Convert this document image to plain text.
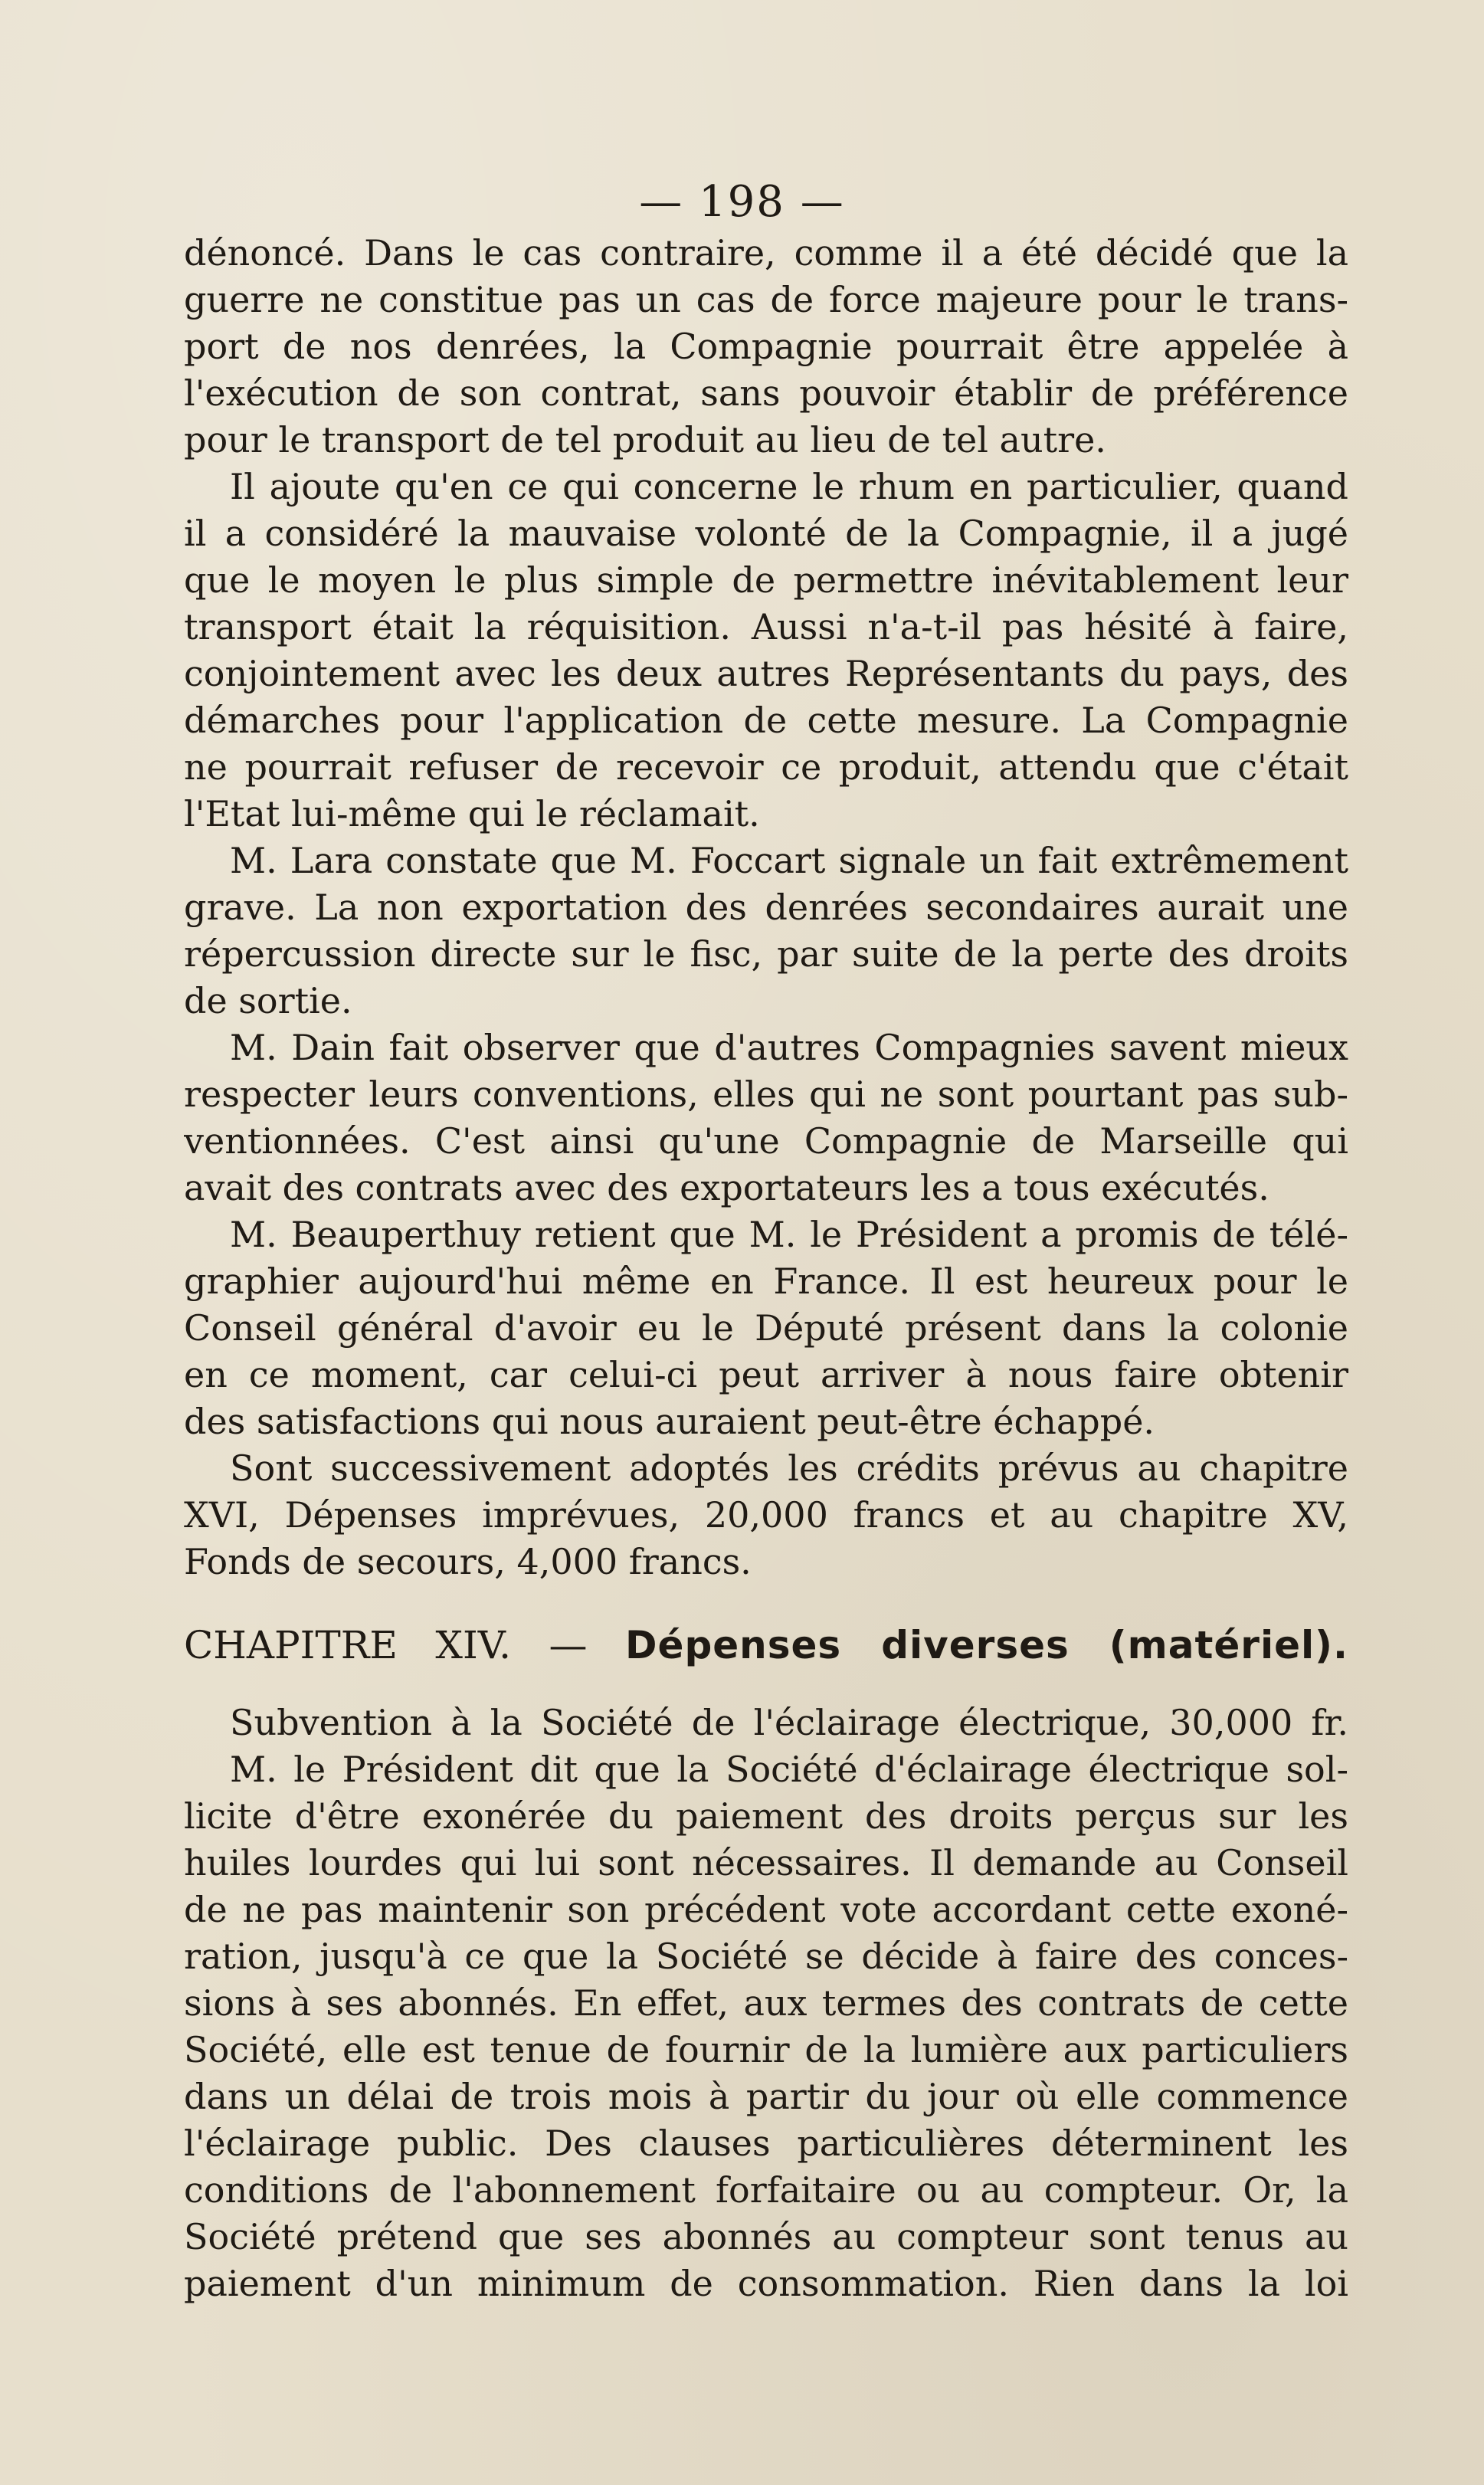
— 198 —
dénoncé. Dans le cas contraire, comme il a été décidé que la
guerre ne constitue pas un cas de force majeure pour le trans-
port de nos denrées, la Compagnie pourrait être appelée à
l'exécution de son contrat, sans pouvoir établir de préférence
pour le transport de tel produit au lieu de tel autre.
Il ajoute qu'en ce qui concerne le rhum en particulier, quand
il a considéré la mauvaise volonté de la Compagnie, il a jugé
que le moyen le plus simple de permettre inévitablement leur
transport était la réquisition. Aussi n'a-t-il pas hésité à faire,
conjointement avec les deux autres Représentants du pays, des
démarches pour l'application de cette mesure. La Compagnie
ne pourrait refuser de recevoir ce produit, attendu que c'était
l'Etat lui-même qui le réclamait.
M. Lara constate que M. Foccart signale un fait extrêmement
grave. La non exportation des denrées secondaires aurait une
répercussion directe sur le fisc, par suite de la perte des droits
de sortie.
M. Dain fait observer que d'autres Compagnies savent mieux
respecter leurs conventions, elles qui ne sont pourtant pas sub-
ventionnées. C'est ainsi qu'une Compagnie de Marseille qui
avait des contrats avec des exportateurs les a tous exécutés.
M. Beauperthuy retient que M. le Président a promis de télé-
graphier aujourd'hui même en France. Il est heureux pour le
Conseil général d'avoir eu le Député présent dans la colonie
en ce moment, car celui-ci peut arriver à nous faire obtenir
des satisfactions qui nous auraient peut-être échappé.
Sont successivement adoptés les crédits prévus au chapitre
XVI, Dépenses imprévues, 20,000 francs et au chapitre XV,
Fonds de secours, 4,000 francs.
CHAPITRE XIV. — Dépenses diverses (matériel).
Subvention à la Société de l'éclairage électrique, 30,000 fr.
M. le Président dit que la Société d'éclairage électrique sol-
licite d'être exonérée du paiement des droits perçus sur les
huiles lourdes qui lui sont nécessaires. Il demande au Conseil
de ne pas maintenir son précédent vote accordant cette exoné-
ration, jusqu'à ce que la Société se décide à faire des conces-
sions à ses abonnés. En effet, aux termes des contrats de cette
Société, elle est tenue de fournir de la lumière aux particuliers
dans un délai de trois mois à partir du jour où elle commence
l'éclairage public. Des clauses particulières déterminent les
conditions de l'abonnement forfaitaire ou au compteur. Or, la
Société prétend que ses abonnés au compteur sont tenus au
paiement d'un minimum de consommation. Rien dans la loi
